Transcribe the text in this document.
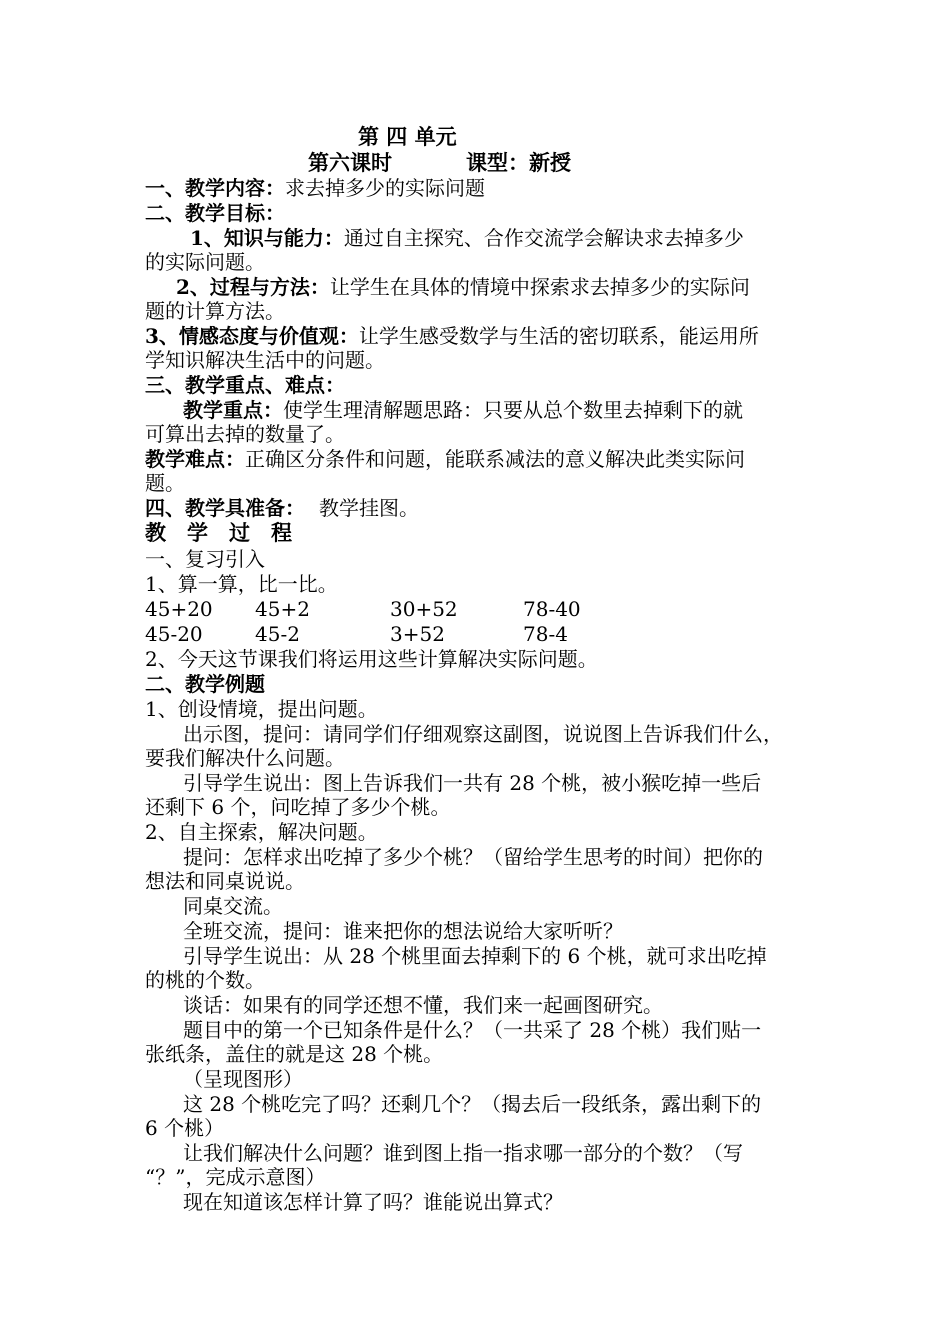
第 四 单元
第六课时	课型：新授
一、教学内容：求去掉多少的实际问题
二、教学目标：
1、知识与能力：通过自主探究、合作交流学会解诀求去掉多少
的实际问题。
2、过程与方法：让学生在具体的情境中探索求去掉多少的实际问
题的计算方法。
3、情感态度与价值观：让学生感受数学与生活的密切联系，能运用所
学知识解决生活中的问题。
三、教学重点、难点：
教学重点：使学生理清解题思路：只要从总个数里去掉剩下的就
可算出去掉的数量了。
教学难点：正确区分条件和问题，能联系减法的意义解决此类实际问
题。
四、教学具准备： 教学挂图。
教　学　过　程
一、复习引入
1、算一算，比一比。
45+20 45+2	30+52	78-40
45-20	45-2	3+52	78-4
2、今天这节课我们将运用这些计算解决实际问题。
二、教学例题
1、创设情境，提出问题。
出示图，提问：请同学们仔细观察这副图，说说图上告诉我们什么，
要我们解决什么问题。
引导学生说出：图上告诉我们一共有 28 个桃，被小猴吃掉一些后
还剩下 6 个，问吃掉了多少个桃。
2、自主探索，解决问题。
提问：怎样求出吃掉了多少个桃？（留给学生思考的时间）把你的
想法和同桌说说。
同桌交流。
全班交流，提问：谁来把你的想法说给大家听听？
引导学生说出：从 28 个桃里面去掉剩下的 6 个桃，就可求出吃掉
的桃的个数。
谈话：如果有的同学还想不懂，我们来一起画图研究。
题目中的第一个已知条件是什么？（一共采了 28 个桃）我们贴一
张纸条，盖住的就是这 28 个桃。
（呈现图形）
这 28 个桃吃完了吗？还剩几个？（揭去后一段纸条，露出剩下的
6 个桃）
让我们解决什么问题？谁到图上指一指求哪一部分的个数？（写
“？”，完成示意图）
现在知道该怎样计算了吗？谁能说出算式？
